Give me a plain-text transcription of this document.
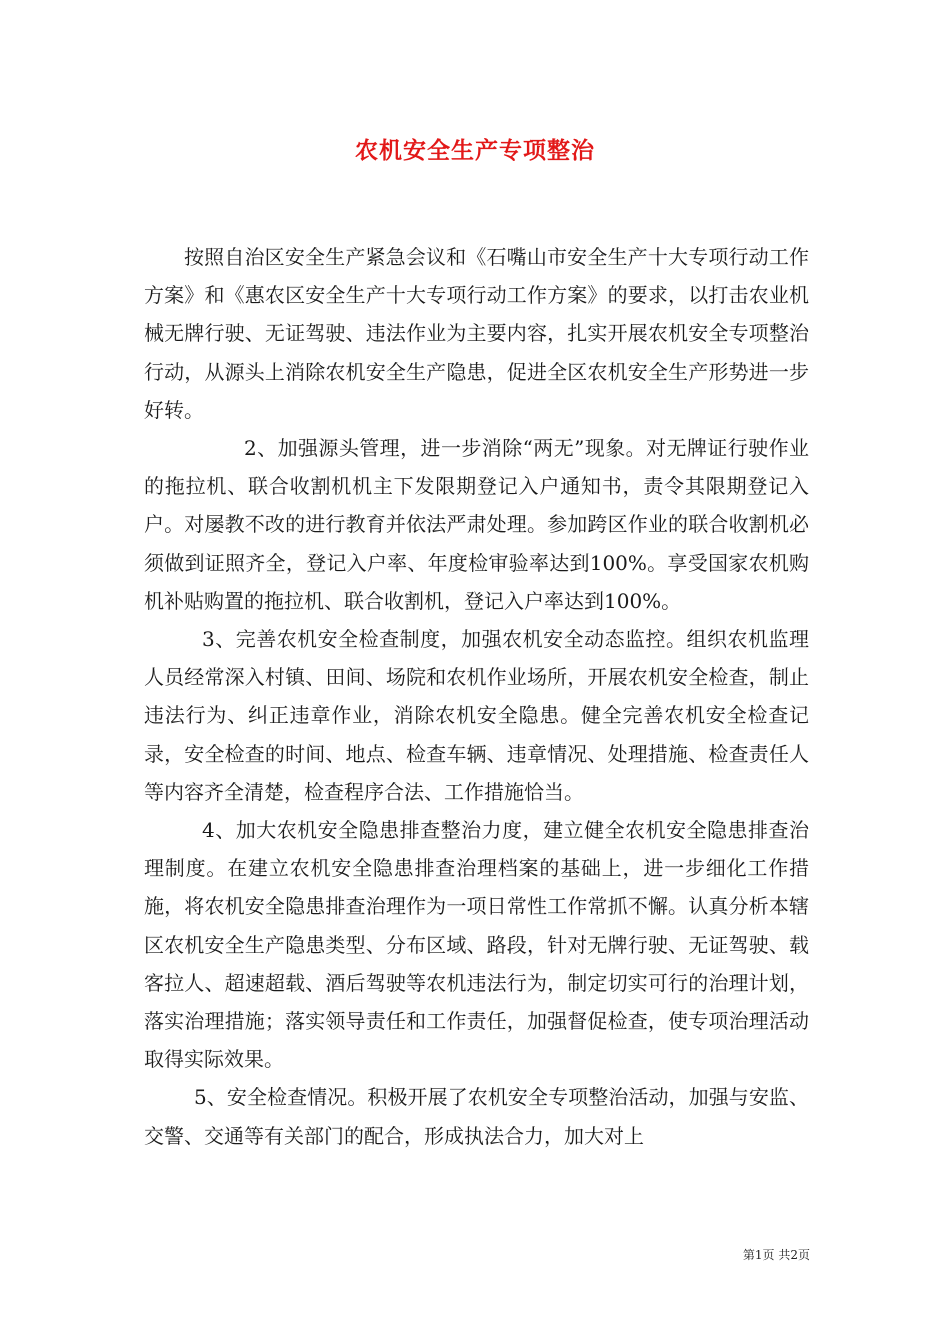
农机安全生产专项整治

按照自治区安全生产紧急会议和《石嘴山市安全生产十大专项行动工作方案》和《惠农区安全生产十大专项行动工作方案》的要求，以打击农业机械无牌行驶、无证驾驶、违法作业为主要内容，扎实开展农机安全专项整治行动，从源头上消除农机安全生产隐患，促进全区农机安全生产形势进一步好转。

2、加强源头管理，进一步消除“两无”现象。对无牌证行驶作业的拖拉机、联合收割机机主下发限期登记入户通知书，责令其限期登记入户。对屡教不改的进行教育并依法严肃处理。参加跨区作业的联合收割机必须做到证照齐全，登记入户率、年度检审验率达到100%。享受国家农机购机补贴购置的拖拉机、联合收割机，登记入户率达到100%。

3、完善农机安全检查制度，加强农机安全动态监控。组织农机监理人员经常深入村镇、田间、场院和农机作业场所，开展农机安全检查，制止违法行为、纠正违章作业，消除农机安全隐患。健全完善农机安全检查记录，安全检查的时间、地点、检查车辆、违章情况、处理措施、检查责任人等内容齐全清楚，检查程序合法、工作措施恰当。

4、加大农机安全隐患排查整治力度，建立健全农机安全隐患排查治理制度。在建立农机安全隐患排查治理档案的基础上，进一步细化工作措施，将农机安全隐患排查治理作为一项日常性工作常抓不懈。认真分析本辖区农机安全生产隐患类型、分布区域、路段，针对无牌行驶、无证驾驶、载客拉人、超速超载、酒后驾驶等农机违法行为，制定切实可行的治理计划，落实治理措施；落实领导责任和工作责任，加强督促检查，使专项治理活动取得实际效果。

5、安全检查情况。积极开展了农机安全专项整治活动，加强与安监、交警、交通等有关部门的配合，形成执法合力，加大对上

第1页 共2页
